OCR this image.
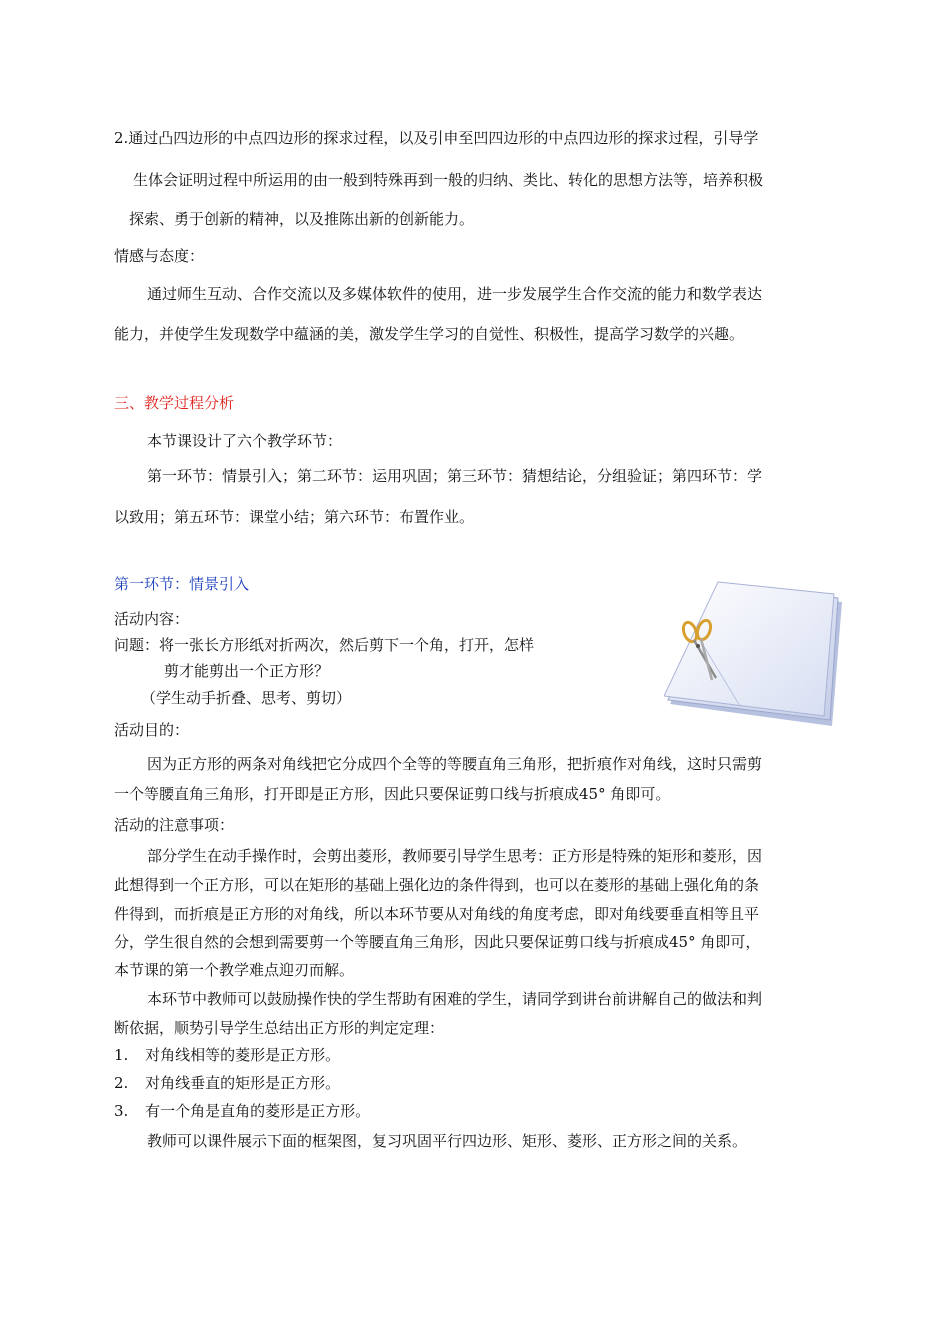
2.通过凸四边形的中点四边形的探求过程，以及引申至凹四边形的中点四边形的探求过程，引导学
生体会证明过程中所运用的由一般到特殊再到一般的归纳、类比、转化的思想方法等，培养积极
探索、勇于创新的精神，以及推陈出新的创新能力。
情感与态度：
通过师生互动、合作交流以及多媒体软件的使用，进一步发展学生合作交流的能力和数学表达
能力，并使学生发现数学中蕴涵的美，激发学生学习的自觉性、积极性，提高学习数学的兴趣。
三、教学过程分析
本节课设计了六个教学环节：
第一环节：情景引入；第二环节：运用巩固；第三环节：猜想结论，分组验证；第四环节：学
以致用；第五环节：课堂小结；第六环节：布置作业。
第一环节：情景引入
活动内容：
问题：将一张长方形纸对折两次，然后剪下一个角，打开，怎样
剪才能剪出一个正方形？
（学生动手折叠、思考、剪切）
活动目的：
因为正方形的两条对角线把它分成四个全等的等腰直角三角形，把折痕作对角线，这时只需剪
一个等腰直角三角形，打开即是正方形，因此只要保证剪口线与折痕成45° 角即可。
活动的注意事项：
部分学生在动手操作时，会剪出菱形，教师要引导学生思考：正方形是特殊的矩形和菱形，因
此想得到一个正方形，可以在矩形的基础上强化边的条件得到，也可以在菱形的基础上强化角的条
件得到，而折痕是正方形的对角线，所以本环节要从对角线的角度考虑，即对角线要垂直相等且平
分，学生很自然的会想到需要剪一个等腰直角三角形，因此只要保证剪口线与折痕成45° 角即可，
本节课的第一个教学难点迎刃而解。
本环节中教师可以鼓励操作快的学生帮助有困难的学生，请同学到讲台前讲解自己的做法和判
断依据，顺势引导学生总结出正方形的判定定理：
1. 对角线相等的菱形是正方形。
2. 对角线垂直的矩形是正方形。
3. 有一个角是直角的菱形是正方形。
教师可以课件展示下面的框架图，复习巩固平行四边形、矩形、菱形、正方形之间的关系。
